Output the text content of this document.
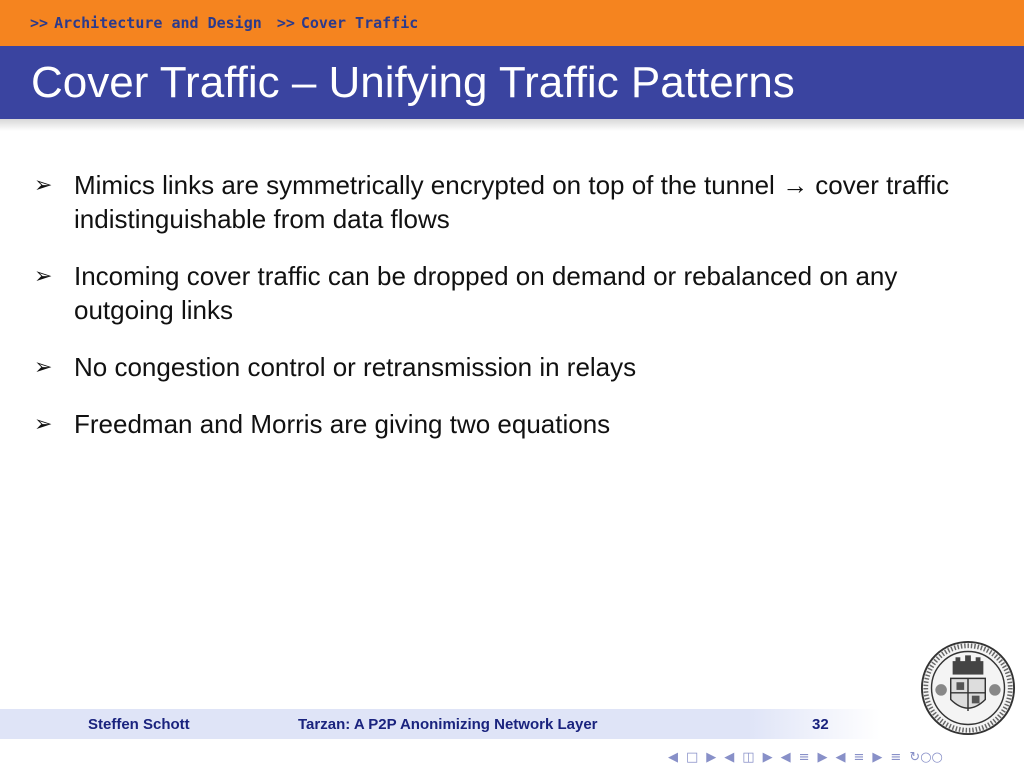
>> Architecture and Design >> Cover Traffic
Cover Traffic – Unifying Traffic Patterns
➢ Mimics links are symmetrically encrypted on top of the tunnel → cover traffic indistinguishable from data flows
➢ Incoming cover traffic can be dropped on demand or rebalanced on any outgoing links
➢ No congestion control or retransmission in relays
➢ Freedman and Morris are giving two equations
Steffen Schott	Tarzan: A P2P Anonimizing Network Layer	32
◀ □ ▶ ◀ ◫ ▶ ◀ ≡ ▶ ◀ ≡ ▶ ≡ ↻○○
